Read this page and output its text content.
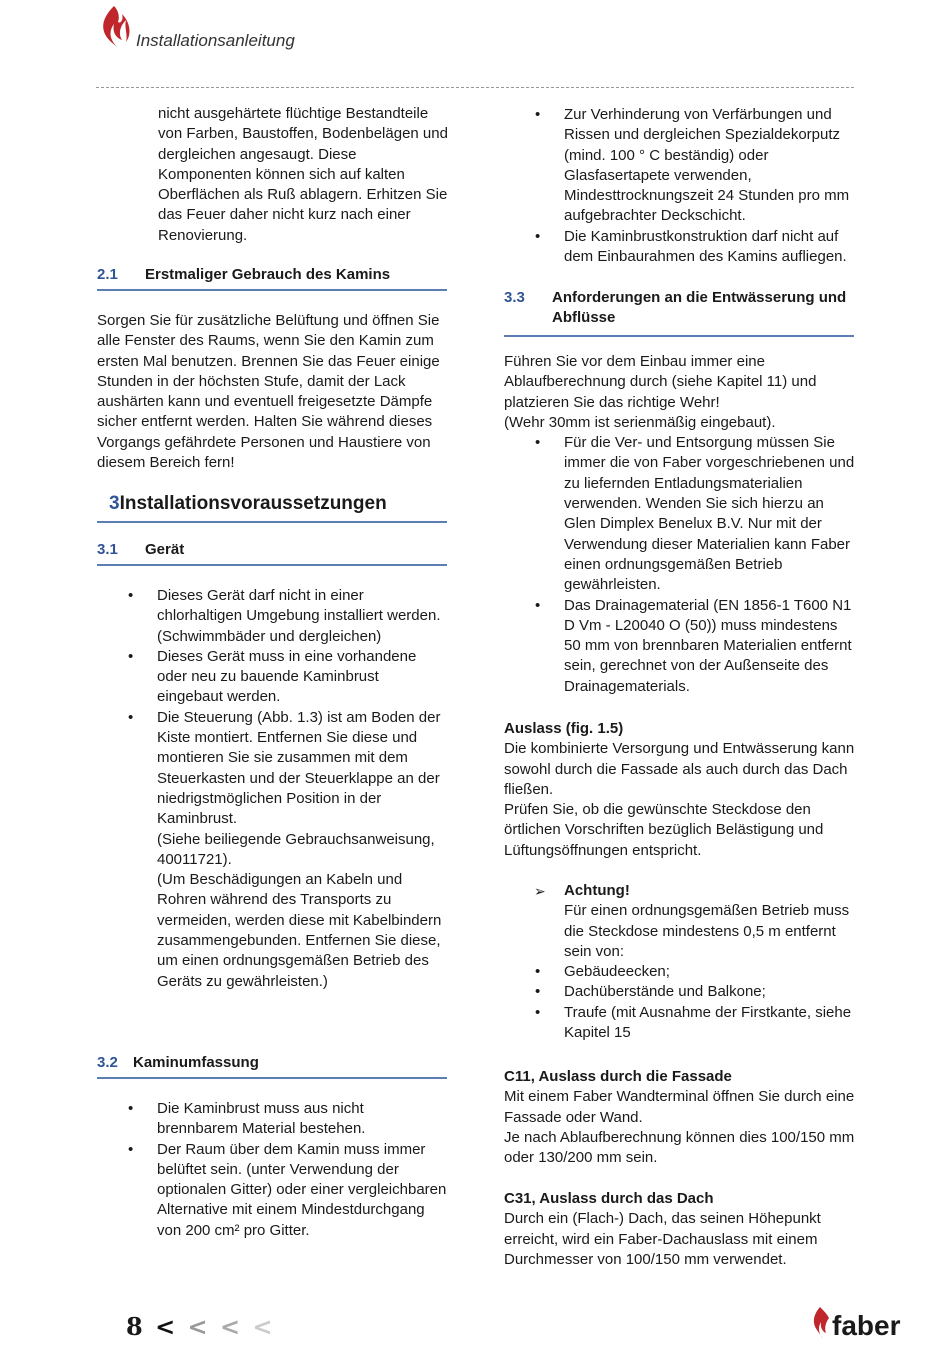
Installationsanleitung

nicht ausgehärtete flüchtige Bestandteile von Farben, Baustoffen, Bodenbelägen und dergleichen angesaugt. Diese Komponenten können sich auf kalten Oberflächen als Ruß ablagern. Erhitzen Sie das Feuer daher nicht kurz nach einer Renovierung.

2.1 Erstmaliger Gebrauch des Kamins

Sorgen Sie für zusätzliche Belüftung und öffnen Sie alle Fenster des Raums, wenn Sie den Kamin zum ersten Mal benutzen. Brennen Sie das Feuer einige Stunden in der höchsten Stufe, damit der Lack aushärten kann und eventuell freigesetzte Dämpfe sicher entfernt werden. Halten Sie während dieses Vorgangs gefährdete Personen und Haustiere von diesem Bereich fern!

3Installationsvoraussetzungen
3.1 Gerät
• Dieses Gerät darf nicht in einer chlorhaltigen Umgebung installiert werden. (Schwimmbäder und dergleichen)
• Dieses Gerät muss in eine vorhandene oder neu zu bauende Kaminbrust eingebaut werden.
• Die Steuerung (Abb. 1.3) ist am Boden der Kiste montiert. Entfernen Sie diese und montieren Sie sie zusammen mit dem Steuerkasten und der Steuerklappe an der niedrigstmöglichen Position in der Kaminbrust.
(Siehe beiliegende Gebrauchsanweisung, 40011721).
(Um Beschädigungen an Kabeln und Rohren während des Transports zu vermeiden, werden diese mit Kabelbindern zusammengebunden. Entfernen Sie diese, um einen ordnungsgemäßen Betrieb des Geräts zu gewährleisten.)
3.2 Kaminumfassung
• Die Kaminbrust muss aus nicht brennbarem Material bestehen.
• Der Raum über dem Kamin muss immer belüftet sein. (unter Verwendung der optionalen Gitter) oder einer vergleichbaren Alternative mit einem Mindestdurchgang von 200 cm² pro Gitter.
• Zur Verhinderung von Verfärbungen und Rissen und dergleichen Spezialdekorputz (mind. 100 ° C beständig) oder Glasfasertapete verwenden, Mindesttrocknungszeit 24 Stunden pro mm aufgebrachter Deckschicht.
• Die Kaminbrustkonstruktion darf nicht auf dem Einbaurahmen des Kamins aufliegen.
3.3	Anforderungen an die Entwässerung und Abflüsse

Führen Sie vor dem Einbau immer eine Ablaufberechnung durch (siehe Kapitel 11) und platzieren Sie das richtige Wehr!

(Wehr 30mm ist serienmäßig eingebaut).

• Für die Ver- und Entsorgung müssen Sie immer die von Faber vorgeschriebenen und zu liefernden Entladungsmaterialien verwenden. Wenden Sie sich hierzu an Glen Dimplex Benelux B.V. Nur mit der Verwendung dieser Materialien kann Faber einen ordnungsgemäßen Betrieb gewährleisten.
• Das Drainagematerial (EN 1856-1 T600 N1 D Vm - L20040 O (50)) muss mindestens 50 mm von brennbaren Materialien entfernt sein, gerechnet von der Außenseite des Drainagematerials.

Auslass (fig. 1.5)

Die kombinierte Versorgung und Entwässerung kann sowohl durch die Fassade als auch durch das Dach fließen.

Prüfen Sie, ob die gewünschte Steckdose den örtlichen Vorschriften bezüglich Belästigung und Lüftungsöffnungen entspricht.

➢ Achtung!
Für einen ordnungsgemäßen Betrieb muss die Steckdose mindestens 0,5 m entfernt sein von:
• Gebäudeecken;
• Dachüberstände und Balkone;
• Traufe (mit Ausnahme der Firstkante, siehe Kapitel 15

C11, Auslass durch die Fassade

Mit einem Faber Wandterminal öffnen Sie durch eine Fassade oder Wand.

Je nach Ablaufberechnung können dies 100/150 mm oder 130/200 mm sein.

C31, Auslass durch das Dach

Durch ein (Flach-) Dach, das seinen Höhepunkt erreicht, wird ein Faber-Dachauslass mit einem Durchmesser von 100/150 mm verwendet.

8 < < < <	faber
